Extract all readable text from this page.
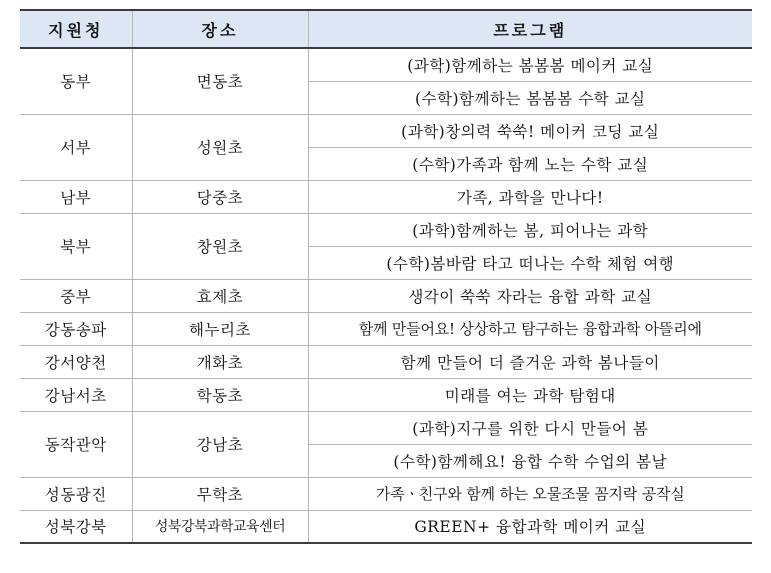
지원청	장소	프로그램
동부	면동초	(과학)함께하는 봄봄봄 메이커 교실
		(수학)함께하는 봄봄봄 수학 교실
서부	성원초	(과학)창의력 쑥쑥! 메이커 코딩 교실
		(수학)가족과 함께 노는 수학 교실
남부	당중초	가족, 과학을 만나다!
북부	창원초	(과학)함께하는 봄, 피어나는 과학
		(수학)봄바람 타고 떠나는 수학 체험 여행
중부	효제초	생각이 쑥쑥 자라는 융합 과학 교실
강동송파	해누리초	함께 만들어요! 상상하고 탐구하는 융합과학 아뜰리에
강서양천	개화초	함께 만들어 더 즐거운 과학 봄나들이
강남서초	학동초	미래를 여는 과학 탐험대
동작관악	강남초	(과학)지구를 위한 다시 만들어 봄
		(수학)함께해요! 융합 수학 수업의 봄날
성동광진	무학초	가족ㆍ친구와 함께 하는 오물조물 꼼지락 공작실
성북강북	성북강북과학교육센터	GREEN+ 융합과학 메이커 교실
